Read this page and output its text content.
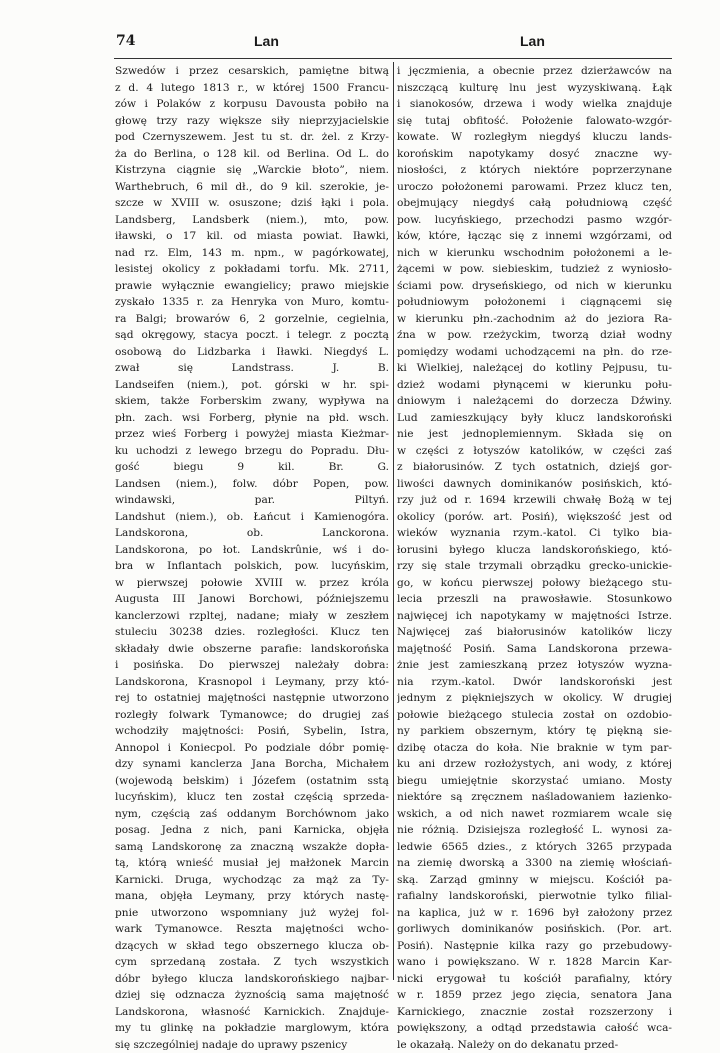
74	Lan	Lan
Szwedów i przez cesarskich, pamiętne bitwą
z d. 4 lutego 1813 r., w której 1500 Francu-
zów i Polaków z korpusu Davousta pobiło na
głowę trzy razy większe siły nieprzyjacielskie
pod Czernyszewem. Jest tu st. dr. żel. z Krzy-
ża do Berlina, o 128 kil. od Berlina. Od L. do
Kistrzyna ciągnie się „Warckie błoto”, niem.
Warthebruch, 6 mil dł., do 9 kil. szerokie, je-
szcze w XVIII w. osuszone; dziś łąki i pola.
Landsberg, Landsberk (niem.), mto, pow.
iławski, o 17 kil. od miasta powiat. Iławki,
nad rz. Elm, 143 m. npm., w pagórkowatej,
lesistej okolicy z pokładami torfu. Mk. 2711,
prawie wyłącznie ewangielicy; prawo miejskie
zyskało 1335 r. za Henryka von Muro, komtu-
ra Balgi; browarów 6, 2 gorzelnie, cegielnia,
sąd okręgowy, stacya poczt. i telegr. z pocztą
osobową do Lidzbarka i Iławki. Niegdyś L.
zwał się Landstrass. J. B.
Landseifen (niem.), pot. górski w hr. spi-
skiem, także Forberskim zwany, wypływa na
płn. zach. wsi Forberg, płynie na płd. wsch.
przez wieś Forberg i powyżej miasta Kieżmar-
ku uchodzi z lewego brzegu do Popradu. Dłu-
gość biegu 9 kil. Br. G.
Landsen (niem.), folw. dóbr Popen, pow.
windawski, par. Piltyń.
Landshut (niem.), ob. Łańcut i Kamienogóra.
Landskorona, ob. Lanckorona.
Landskorona, po łot. Landskrûnie, wś i do-
bra w Inflantach polskich, pow. lucyńskim,
w pierwszej połowie XVIII w. przez króla
Augusta III Janowi Borchowi, późniejszemu
kanclerzowi rzpltej, nadane; miały w zeszłem
stuleciu 30238 dzies. rozległości. Klucz ten
składały dwie obszerne parafie: landskorońska
i posińska. Do pierwszej należały dobra:
Landskorona, Krasnopol i Leymany, przy któ-
rej to ostatniej majętności następnie utworzono
rozległy folwark Tymanowce; do drugiej zaś
wchodziły majętności: Posiń, Sybelin, Istra,
Annopol i Koniecpol. Po podziale dóbr pomię-
dzy synami kanclerza Jana Borcha, Michałem
(wojewodą bełskim) i Józefem (ostatnim sstą
lucyńskim), klucz ten został częścią sprzeda-
nym, częścią zaś oddanym Borchównom jako
posag. Jedna z nich, pani Karnicka, objęła
samą Landskoronę za znaczną wszakże dopła-
tą, którą wnieść musiał jej małżonek Marcin
Karnicki. Druga, wychodząc za mąż za Ty-
mana, objęła Leymany, przy których nastę-
pnie utworzono wspomniany już wyżej fol-
wark Tymanowce. Reszta majętności wcho-
dzących w skład tego obszernego klucza ob-
cym sprzedaną została. Z tych wszystkich
dóbr byłego klucza landskorońskiego najbar-
dziej się odznacza żyznością sama majętność
Landskorona, własność Karnickich. Znajduje-
my tu glinkę na pokładzie marglowym, która
się szczególniej nadaje do uprawy pszenicy
i jęczmienia, a obecnie przez dzierżawców na
niszczącą kulturę lnu jest wyzyskiwaną. Łąk
i sianokosów, drzewa i wody wielka znajduje
się tutaj obfitość. Położenie falowato-wzgór-
kowate. W rozległym niegdyś kluczu lands-
korońskim napotykamy dosyć znaczne wy-
niosłości, z których niektóre poprzerzynane
uroczo położonemi parowami. Przez klucz ten,
obejmujący niegdyś całą południową część
pow. lucyńskiego, przechodzi pasmo wzgór-
ków, które, łącząc się z innemi wzgórzami, od
nich w kierunku wschodnim położonemi a le-
żącemi w pow. siebieskim, tudzież z wyniosło-
ściami pow. dryseńskiego, od nich w kierunku
południowym położonemi i ciągnącemi się
w kierunku płn.-zachodnim aż do jeziora Ra-
źna w pow. rzeżyckim, tworzą dział wodny
pomiędzy wodami uchodzącemi na płn. do rze-
ki Wielkiej, należącej do kotliny Pejpusu, tu-
dzież wodami płynącemi w kierunku połu-
dniowym i należącemi do dorzecza Dźwiny.
Lud zamieszkujący były klucz landskoroński
nie jest jednoplemiennym. Składa się on
w części z łotyszów katolików, w części zaś
z białorusinów. Z tych ostatnich, dziejś gor-
liwości dawnych dominikanów posińskich, któ-
rzy już od r. 1694 krzewili chwałę Bożą w tej
okolicy (porów. art. Posiń), większość jest od
wieków wyznania rzym.-katol. Ci tylko bia-
łorusini byłego klucza landskorońskiego, któ-
rzy się stale trzymali obrządku grecko-unickie-
go, w końcu pierwszej połowy bieżącego stu-
lecia przeszli na prawosławie. Stosunkowo
najwięcej ich napotykamy w majętności Istrze.
Najwięcej zaś białorusinów katolików liczy
majętność Posiń. Sama Landskorona przewa-
żnie jest zamieszkaną przez łotyszów wyzna-
nia rzym.-katol. Dwór landskoroński jest
jednym z piękniejszych w okolicy. W drugiej
połowie bieżącego stulecia został on ozdobio-
ny parkiem obszernym, który tę piękną sie-
dzibę otacza do koła. Nie braknie w tym par-
ku ani drzew rozłożystych, ani wody, z której
biegu umiejętnie skorzystać umiano. Mosty
niektóre są zręcznem naśladowaniem łazienko-
wskich, a od nich nawet rozmiarem wcale się
nie różnią. Dzisiejsza rozległość L. wynosi za-
ledwie 6565 dzies., z których 3265 przypada
na ziemię dworską a 3300 na ziemię włościań-
ską. Zarząd gminny w miejscu. Kościół pa-
rafialny landskoroński, pierwotnie tylko filial-
na kaplica, już w r. 1696 był założony przez
gorliwych dominikanów posińskich. (Por. art.
Posiń). Następnie kilka razy go przebudowy-
wano i powiększano. W r. 1828 Marcin Kar-
nicki erygował tu kościół parafialny, który
w r. 1859 przez jego zięcia, senatora Jana
Karnickiego, znacznie został rozszerzony i
powiększony, a odtąd przedstawia całość wca-
le okazałą. Należy on do dekanatu przed-
